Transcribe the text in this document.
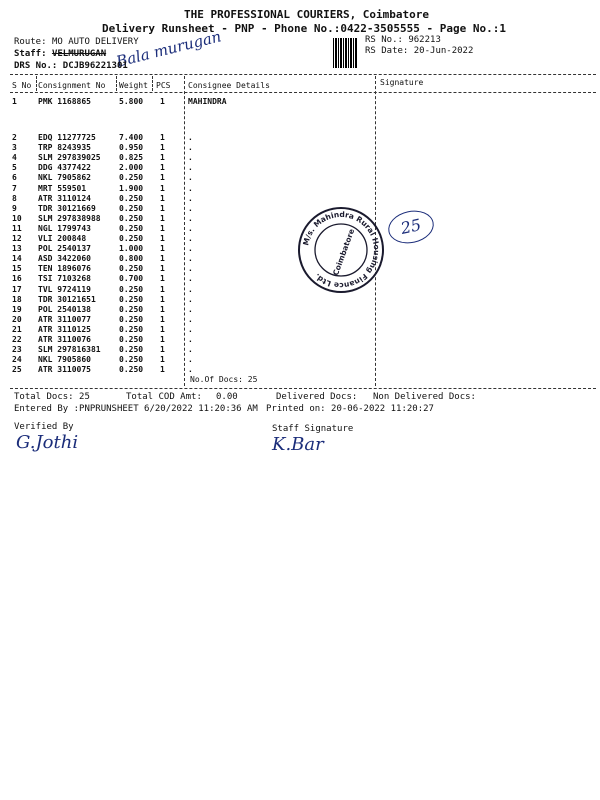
THE PROFESSIONAL COURIERS, Coimbatore
Delivery Runsheet - PNP - Phone No.:0422-3505555 - Page No.:1
Route: MO AUTO DELIVERY
Staff: VELMURUGAN Bala murugan
DRS No.: DCJB96221301
RS No.: 962213
RS Date: 20-Jun-2022
S No Consignment No Weight PCS Consignee Details	Signature
1	PMK 1168865	5.800 1	MAHINDRA
2	EDQ 11277725	7.400 1	.
3	TRP 8243935	0.950 1	.
4	SLM 297839025 0.825 1	.
5	DDG 4377422	2.000 1	.
6	NKL 7905862	0.250 1	.
7	MRT 559501	1.900 1	.
8	ATR 3110124	0.250 1	.
9	TDR 30121669	0.250 1	.
10 SLM 297838988 0.250 1	.
11 NGL 1799743	0.250 1	.
12 VLI 200848	0.250 1	.
13 POL 2540137	1.000 1	.
14 ASD 3422060	0.800 1	.
15 TEN 1896076	0.250 1	.
16 TSI 7103268	0.700 1	.
17 TVL 9724119	0.250 1	.
18 TDR 30121651	0.250 1	.
19 POL 2540138	0.250 1	.
20 ATR 3110077	0.250 1	.
21 ATR 3110125	0.250 1	.
22 ATR 3110076	0.250 1	.
23 SLM 297816381 0.250 1	.
24 NKL 7905860	0.250 1	.
25 ATR 3110075	0.250 1	.
No.Of Docs: 25
M/s. Mahindra Rural Housing Finance Ltd.	Coimbatore
25
Total Docs: 25	Total COD Amt: 0.00	Delivered Docs: Non Delivered Docs:
Entered By :PNPRUNSHEET 6/20/2022 11:20:36 AM Printed on: 20-06-2022 11:20:27
Verified By	Staff Signature
G.Jothi	K.Bar
